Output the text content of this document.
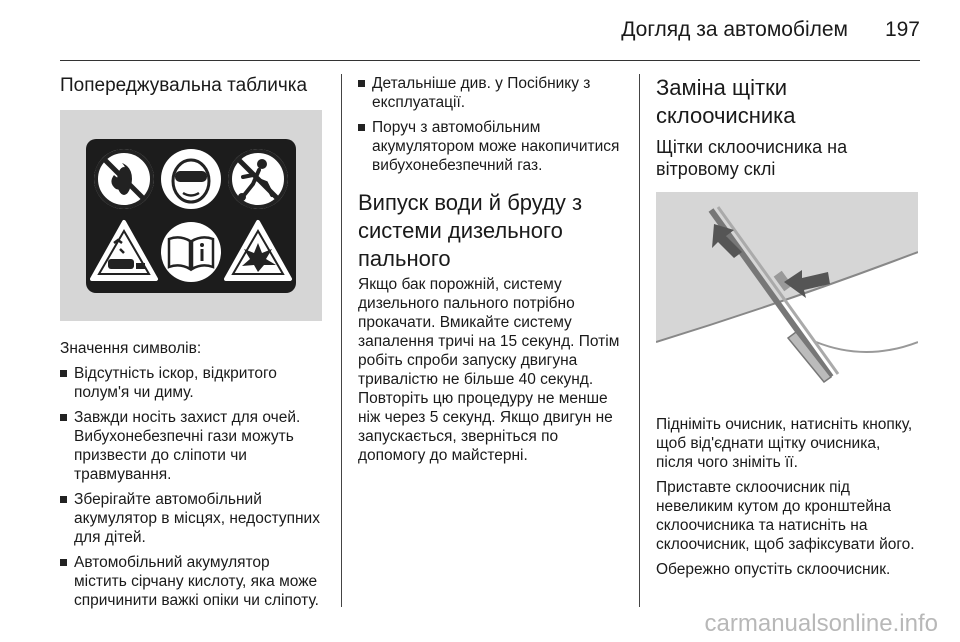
Догляд за автомобілем 197
Попереджувальна табличка

Значення символів:

Відсутність іскор, відкритого полум'я чи диму.
Завжди носіть захист для очей. Вибухонебезпечні гази можуть призвести до сліпоти чи травмування.
Зберігайте автомобільний акумулятор в місцях, недоступних для дітей.
Автомобільний акумулятор містить сірчану кислоту, яка може спричинити важкі опіки чи сліпоту.
Детальніше див. у Посібнику з експлуатації.
Поруч з автомобільним акумулятором може накопичитися вибухонебезпечний газ.
Випуск води й бруду з системи дизельного пального

Якщо бак порожній, систему дизельного пального потрібно прокачати. Вмикайте систему запалення тричі на 15 секунд. Потім робіть спроби запуску двигуна тривалістю не більше 40 секунд. Повторіть цю процедуру не менше ніж через 5 секунд. Якщо двигун не запускається, зверніться по допомогу до майстерні.

Заміна щітки склоочисника
Щітки склоочисника на вітровому склі

Підніміть очисник, натисніть кнопку, щоб від'єднати щітку очисника, після чого зніміть її.

Приставте склоочисник під невеликим кутом до кронштейна склоочисника та натисніть на склоочисник, щоб зафіксувати його.

Обережно опустіть склоочисник.

carmanualsonline.info
